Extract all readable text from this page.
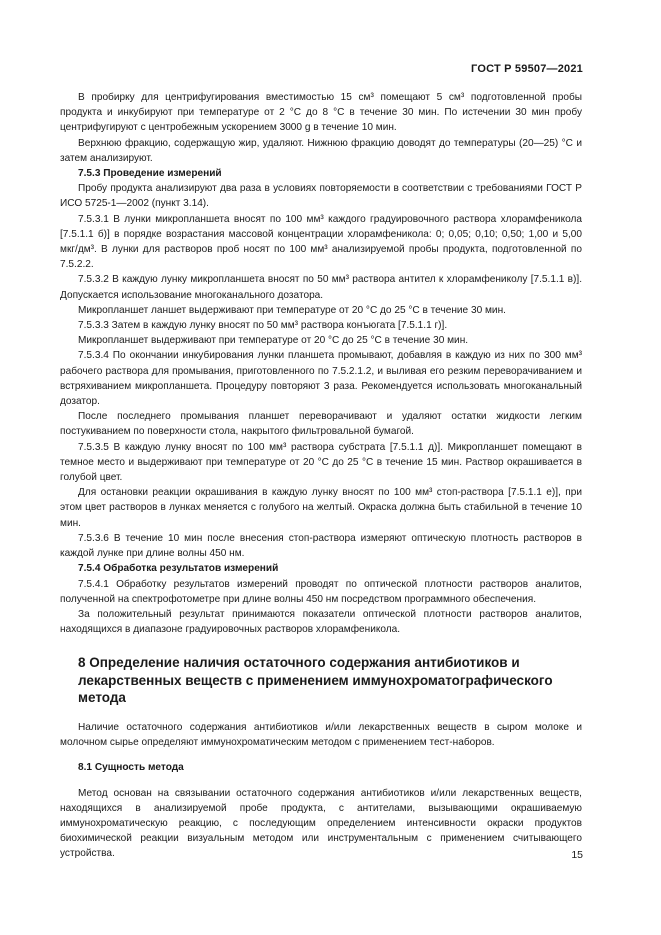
ГОСТ Р 59507—2021

В пробирку для центрифугирования вместимостью 15 см³ помещают 5 см³ подготовленной пробы продукта и инкубируют при температуре от 2 °С до 8 °С в течение 30 мин. По истечении 30 мин пробу центрифугируют с центробежным ускорением 3000 g в течение 10 мин.

Верхнюю фракцию, содержащую жир, удаляют. Нижнюю фракцию доводят до температуры (20—25) °С и затем анализируют.

7.5.3 Проведение измерений

Пробу продукта анализируют два раза в условиях повторяемости в соответствии с требованиями ГОСТ Р ИСО 5725-1—2002 (пункт 3.14).

7.5.3.1 В лунки микропланшета вносят по 100 мм³ каждого градуировочного раствора хлорамфеникола [7.5.1.1 б)] в порядке возрастания массовой концентрации хлорамфеникола: 0; 0,05; 0,10; 0,50; 1,00 и 5,00 мкг/дм³. В лунки для растворов проб носят по 100 мм³ анализируемой пробы продукта, подготовленной по 7.5.2.2.

7.5.3.2 В каждую лунку микропланшета вносят по 50 мм³ раствора антител к хлорамфениколу [7.5.1.1 в)]. Допускается использование многоканального дозатора.

Микропланшет ланшет выдерживают при температуре от 20 °С до 25 °С в течение 30 мин.

7.5.3.3 Затем в каждую лунку вносят по 50 мм³ раствора конъюгата [7.5.1.1 г)].

Микропланшет выдерживают при температуре от 20 °С до 25 °С в течение 30 мин.

7.5.3.4 По окончании инкубирования лунки планшета промывают, добавляя в каждую из них по 300 мм³ рабочего раствора для промывания, приготовленного по 7.5.2.1.2, и выливая его резким переворачиванием и встряхиванием микропланшета. Процедуру повторяют 3 раза. Рекомендуется использовать многоканальный дозатор.

После последнего промывания планшет переворачивают и удаляют остатки жидкости легким постукиванием по поверхности стола, накрытого фильтровальной бумагой.

7.5.3.5 В каждую лунку вносят по 100 мм³ раствора субстрата [7.5.1.1 д)]. Микропланшет помещают в темное место и выдерживают при температуре от 20 °С до 25 °С в течение 15 мин. Раствор окрашивается в голубой цвет.

Для остановки реакции окрашивания в каждую лунку вносят по 100 мм³ стоп-раствора [7.5.1.1 е)], при этом цвет растворов в лунках меняется с голубого на желтый. Окраска должна быть стабильной в течение 10 мин.

7.5.3.6 В течение 10 мин после внесения стоп-раствора измеряют оптическую плотность растворов в каждой лунке при длине волны 450 нм.

7.5.4 Обработка результатов измерений

7.5.4.1 Обработку результатов измерений проводят по оптической плотности растворов аналитов, полученной на спектрофотометре при длине волны 450 нм посредством программного обеспечения.

За положительный результат принимаются показатели оптической плотности растворов аналитов, находящихся в диапазоне градуировочных растворов хлорамфеникола.

8 Определение наличия остаточного содержания антибиотиков и лекарственных веществ с применением иммунохроматографического метода

Наличие остаточного содержания антибиотиков и/или лекарственных веществ в сыром молоке и молочном сырье определяют иммунохроматическим методом с применением тест-наборов.

8.1 Сущность метода

Метод основан на связывании остаточного содержания антибиотиков и/или лекарственных веществ, находящихся в анализируемой пробе продукта, с антителами, вызывающими окрашиваемую иммунохроматическую реакцию, с последующим определением интенсивности окраски продуктов биохимической реакции визуальным методом или инструментальным с применением считывающего устройства.	15
